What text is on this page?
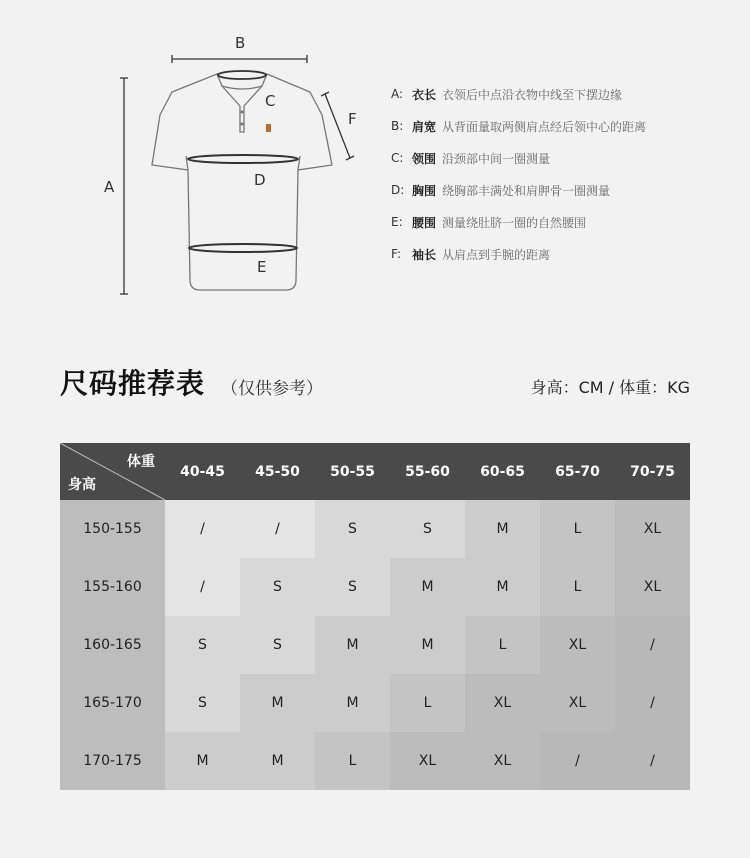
B
A
C
F
D
E
A: 衣长 衣领后中点沿衣物中线至下摆边缘
B: 肩宽 从背面量取两侧肩点经后领中心的距离
C: 领围 沿颈部中间一圈测量
D: 胸围 绕胸部丰满处和肩胛骨一圈测量
E: 腰围 测量绕肚脐一圈的自然腰围
F: 袖长 从肩点到手腕的距离
尺码推荐表 （仅供参考）	身高：CM / 体重：KG
体重
身高
40-45	45-50	50-55	55-60	60-65	65-70	70-75
150-155	/	/	S	S	M	L	XL
155-160	/	S	S	M	M	L	XL
160-165	S	S	M	M	L	XL	/
165-170	S	M	M	L	XL	XL	/
170-175	M	M	L	XL	XL	/	/
